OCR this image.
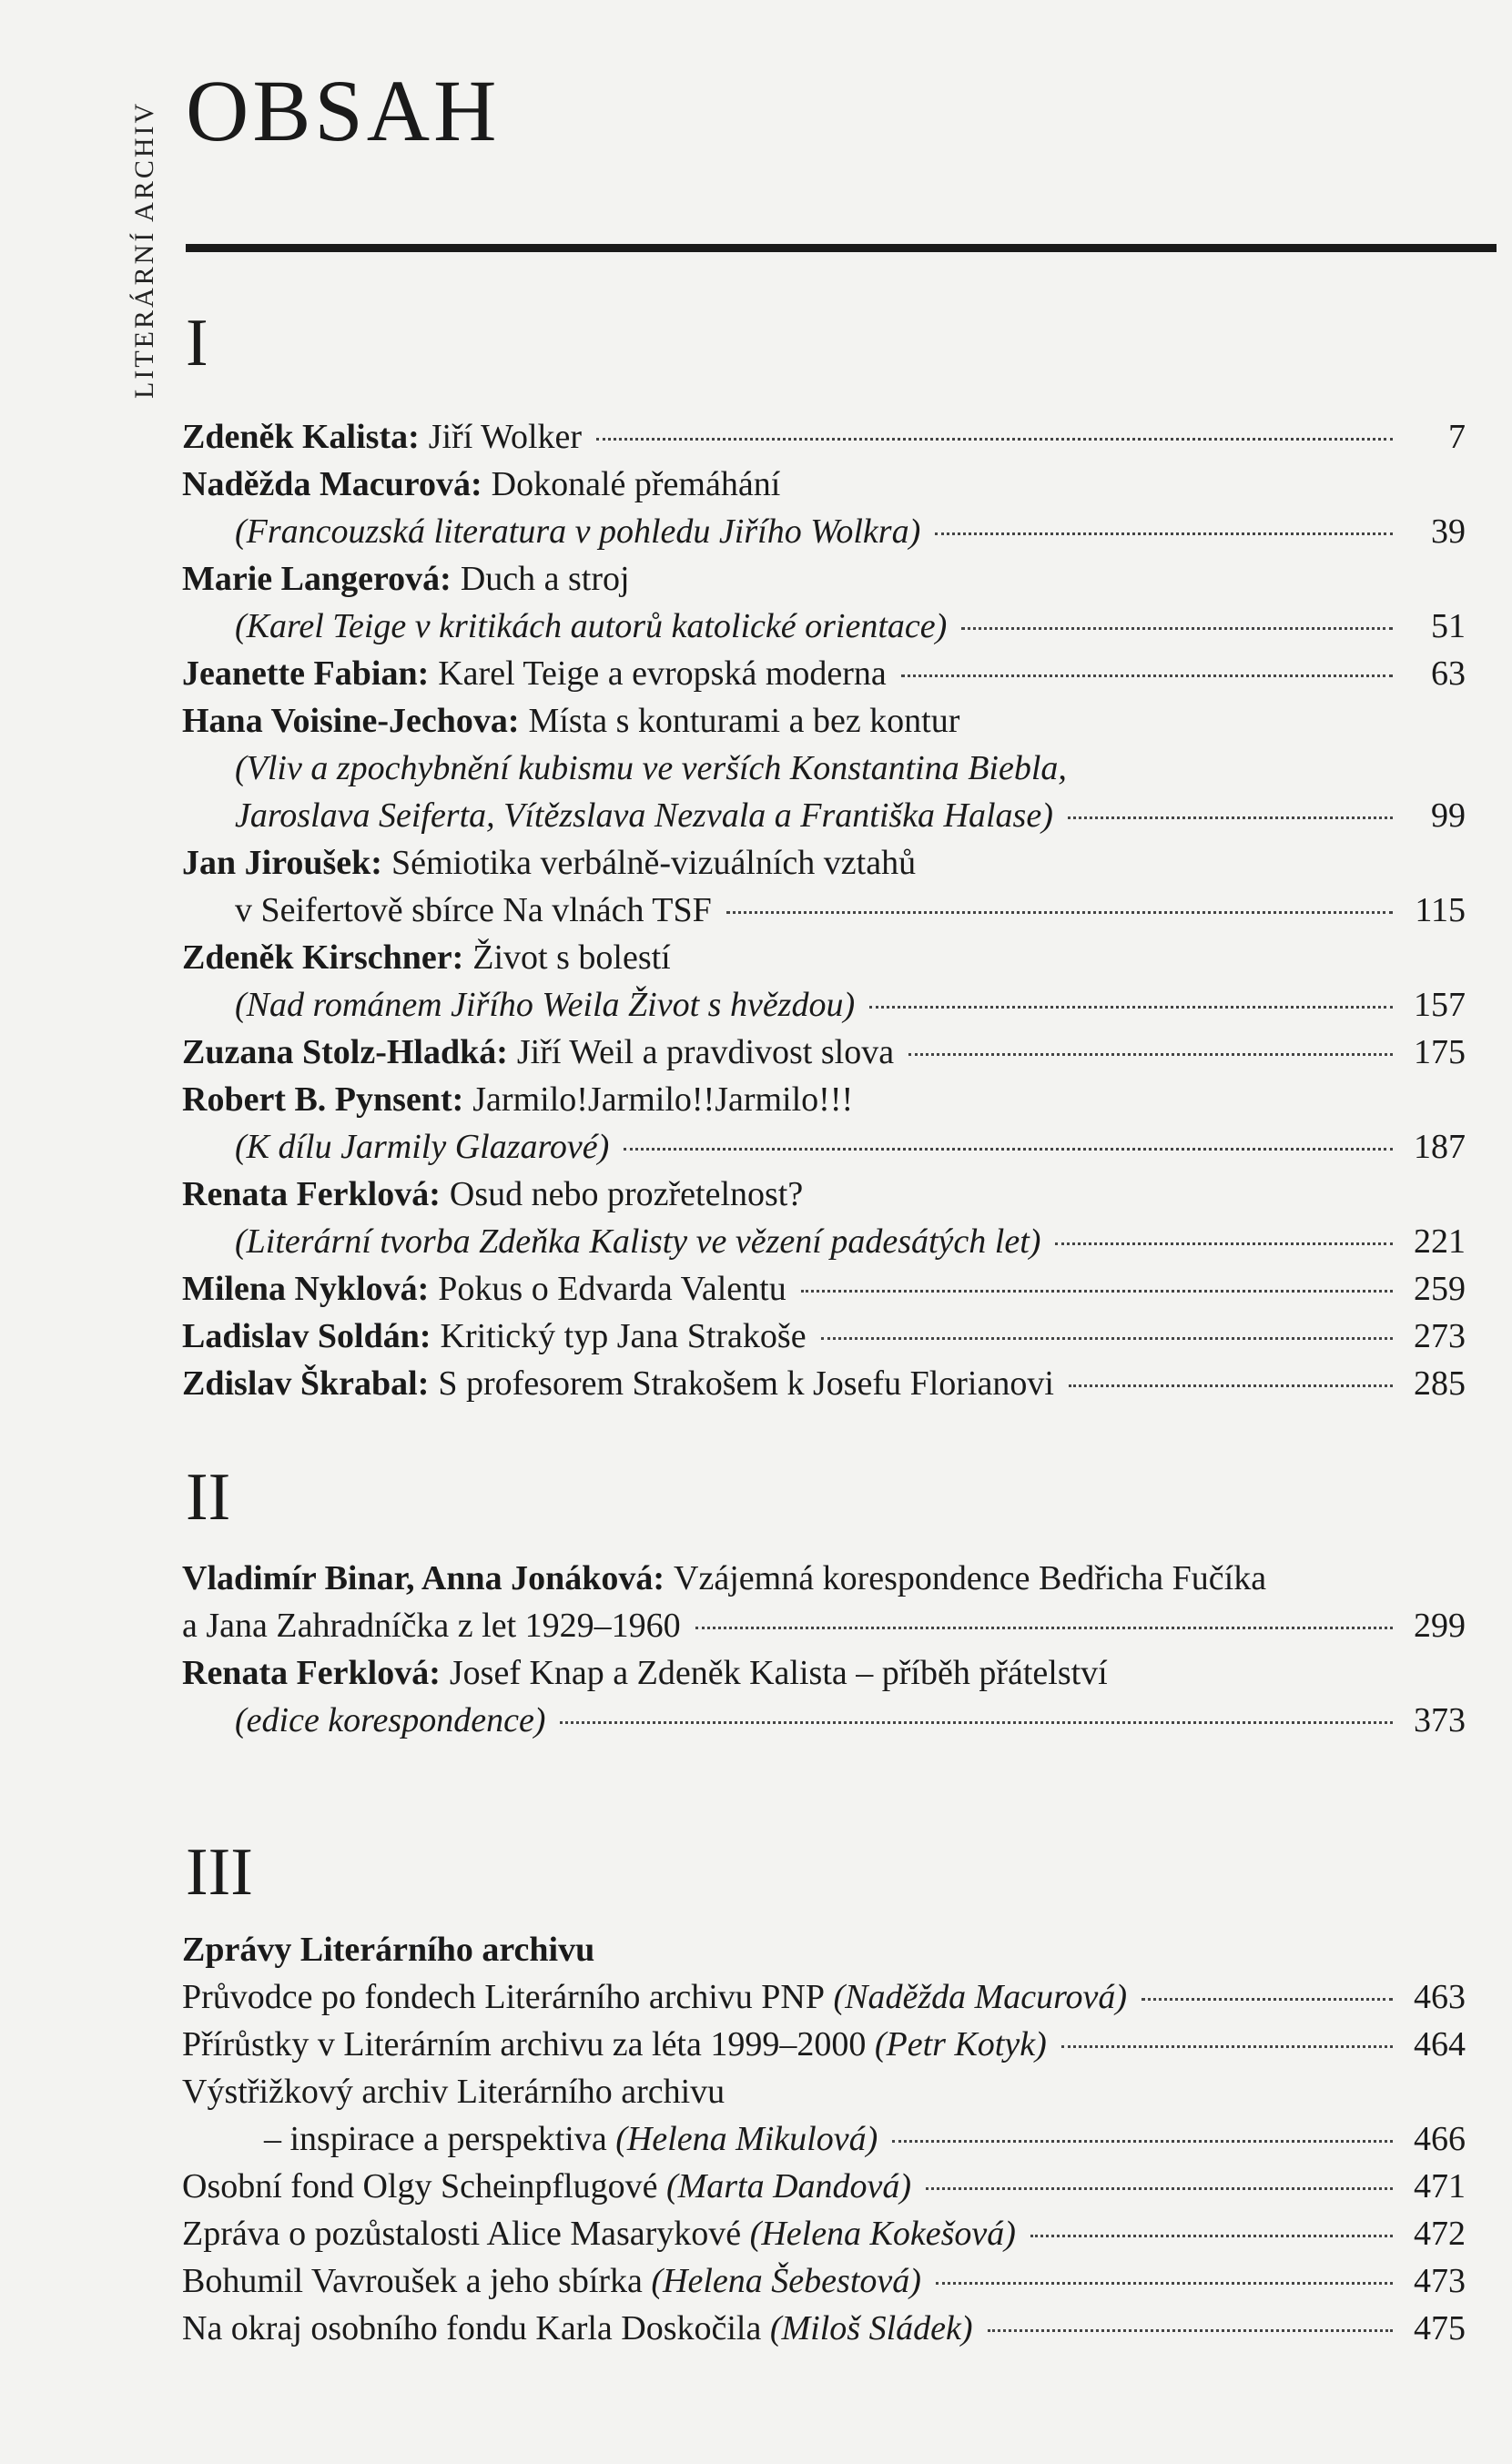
LITERÁRNÍ ARCHIV OBSAH
I
Zdeněk Kalista: Jiří Wolker	7
Naděžda Macurová: Dokonalé přemáhání
(Francouzská literatura v pohledu Jiřího Wolkra)	39
Marie Langerová: Duch a stroj
(Karel Teige v kritikách autorů katolické orientace)	51
Jeanette Fabian: Karel Teige a evropská moderna	63
Hana Voisine-Jechova: Místa s konturami a bez kontur
(Vliv a zpochybnění kubismu ve verších Konstantina Biebla,
Jaroslava Seiferta, Vítězslava Nezvala a Františka Halase)	99
Jan Jiroušek: Sémiotika verbálně-vizuálních vztahů
v Seifertově sbírce Na vlnách TSF	115
Zdeněk Kirschner: Život s bolestí
(Nad románem Jiřího Weila Život s hvězdou)	157
Zuzana Stolz-Hladká: Jiří Weil a pravdivost slova	175
Robert B. Pynsent: Jarmilo!Jarmilo!!Jarmilo!!!
(K dílu Jarmily Glazarové)	187
Renata Ferklová: Osud nebo prozřetelnost?
(Literární tvorba Zdeňka Kalisty ve vězení padesátých let)	221
Milena Nyklová: Pokus o Edvarda Valentu	259
Ladislav Soldán: Kritický typ Jana Strakoše	273
Zdislav Škrabal: S profesorem Strakošem k Josefu Florianovi	285
II
Vladimír Binar, Anna Jonáková: Vzájemná korespondence Bedřicha Fučíka
a Jana Zahradníčka z let 1929–1960	299
Renata Ferklová: Josef Knap a Zdeněk Kalista – příběh přátelství
(edice korespondence)	373
III
Zprávy Literárního archivu
Průvodce po fondech Literárního archivu PNP
(Naděžda Macurová)	463
Přírůstky v Literárním archivu za léta 1999–2000
(Petr Kotyk)	464
Výstřižkový archiv Literárního archivu
– inspirace a perspektiva
(Helena Mikulová)	466
Osobní fond Olgy Scheinpflugové
(Marta Dandová)	471
Zpráva o pozůstalosti Alice Masarykové
(Helena Kokešová)	472
Bohumil Vavroušek a jeho sbírka
(Helena Šebestová)	473
Na okraj osobního fondu Karla Doskočila
(Miloš Sládek)	475
